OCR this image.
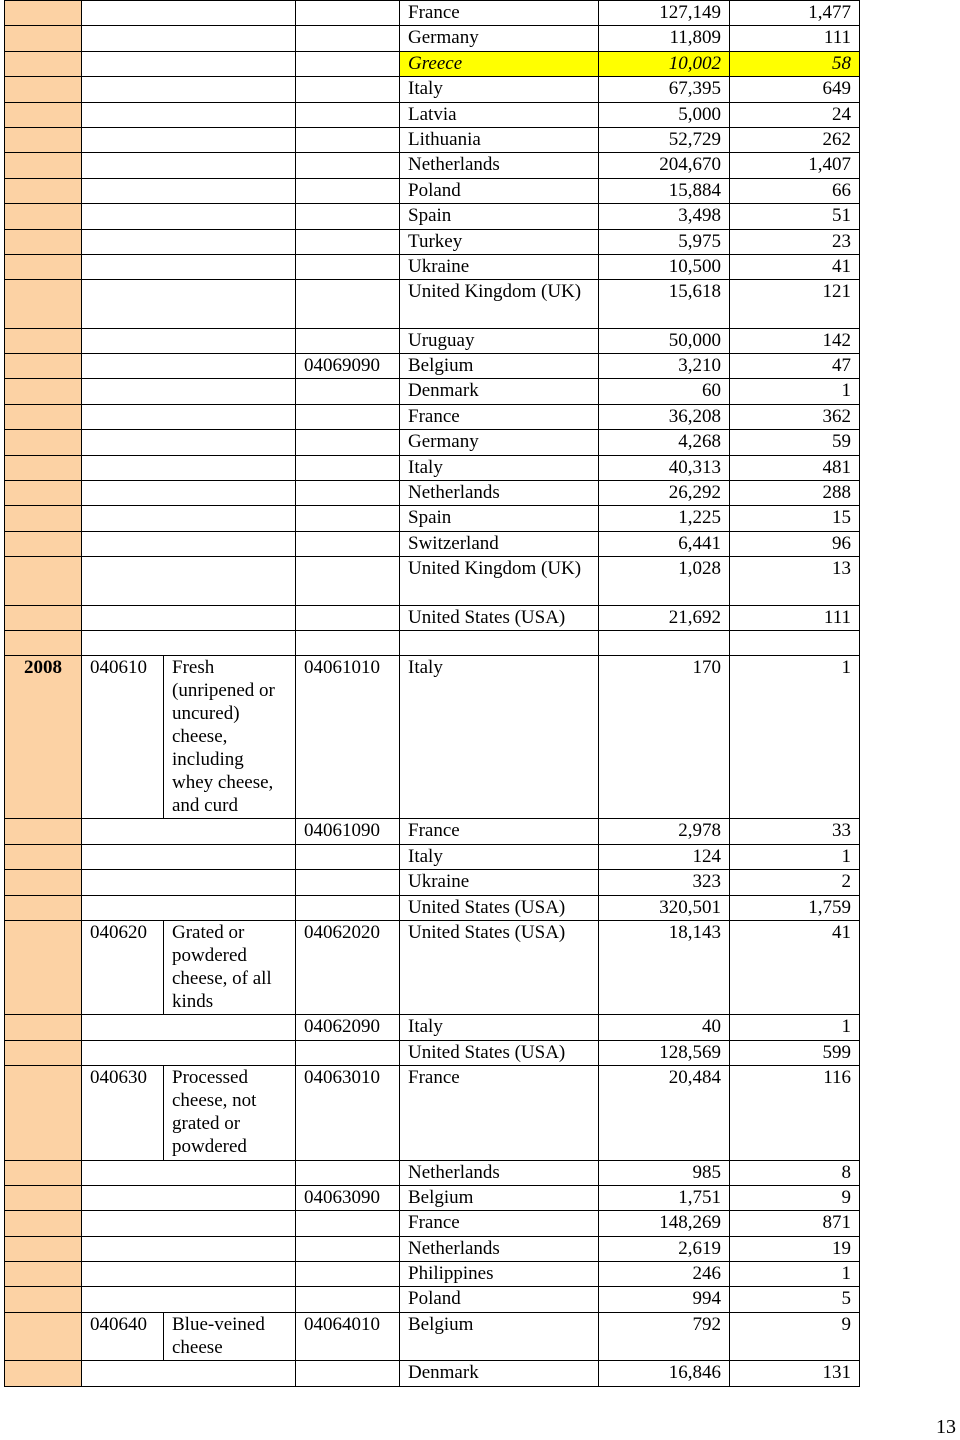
				France	127,149	1,477
				Germany	11,809	111
				Greece	10,002	58
				Italy	67,395	649
				Latvia	5,000	24
				Lithuania	52,729	262
				Netherlands	204,670	1,407
				Poland	15,884	66
				Spain	3,498	51
				Turkey	5,975	23
				Ukraine	10,500	41
				United Kingdom (UK)	15,618	121
				Uruguay	50,000	142
			04069090	Belgium	3,210	47
				Denmark	60	1
				France	36,208	362
				Germany	4,268	59
				Italy	40,313	481
				Netherlands	26,292	288
				Spain	1,225	15
				Switzerland	6,441	96
				United Kingdom (UK)	1,028	13
				United States (USA)	21,692	111

2008	040610	Fresh (unripened or uncured) cheese, including whey cheese, and curd	04061010	Italy	170	1
			04061090	France	2,978	33
				Italy	124	1
				Ukraine	323	2
				United States (USA)	320,501	1,759
	040620	Grated or powdered cheese, of all kinds	04062020	United States (USA)	18,143	41
			04062090	Italy	40	1
				United States (USA)	128,569	599
	040630	Processed cheese, not grated or powdered	04063010	France	20,484	116
				Netherlands	985	8
			04063090	Belgium	1,751	9
				France	148,269	871
				Netherlands	2,619	19
				Philippines	246	1
				Poland	994	5
	040640	Blue-veined cheese	04064010	Belgium	792	9
				Denmark	16,846	131
13
